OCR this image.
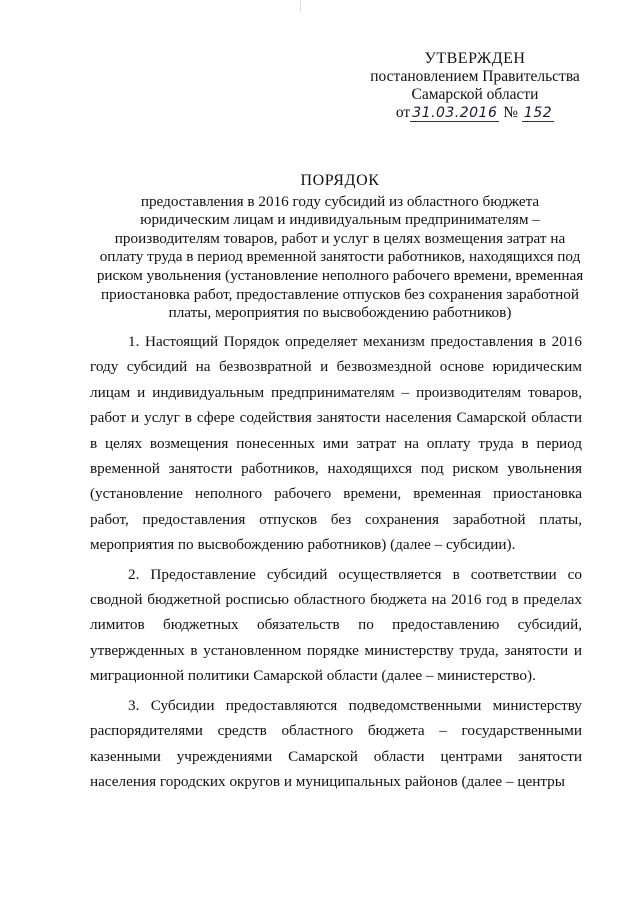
УТВЕРЖДЕН
постановлением Правительства
Самарской области
от 31.03.2016 № 152
ПОРЯДОК
предоставления в 2016 году субсидий из областного бюджета
юридическим лицам и индивидуальным предпринимателям –
производителям товаров, работ и услуг в целях возмещения затрат на
оплату труда в период временной занятости работников, находящихся под
риском увольнения (установление неполного рабочего времени, временная
приостановка работ, предоставление отпусков без сохранения заработной
платы, мероприятия по высвобождению работников)

1. Настоящий Порядок определяет механизм предоставления в 2016 году субсидий на безвозвратной и безвозмездной основе юридическим лицам и индивидуальным предпринимателям – производителям товаров, работ и услуг в сфере содействия занятости населения Самарской области в целях возмещения понесенных ими затрат на оплату труда в период временной занятости работников, находящихся под риском увольнения (установление неполного рабочего времени, временная приостановка работ, предоставления отпусков без сохранения заработной платы, мероприятия по высвобождению работников) (далее – субсидии).

2. Предоставление субсидий осуществляется в соответствии со сводной бюджетной росписью областного бюджета на 2016 год в пределах лимитов бюджетных обязательств по предоставлению субсидий, утвержденных в установленном порядке министерству труда, занятости и миграционной политики Самарской области (далее – министерство).

3. Субсидии предоставляются подведомственными министерству распорядителями средств областного бюджета – государственными казенными учреждениями Самарской области центрами занятости населения городских округов и муниципальных районов (далее – центры
